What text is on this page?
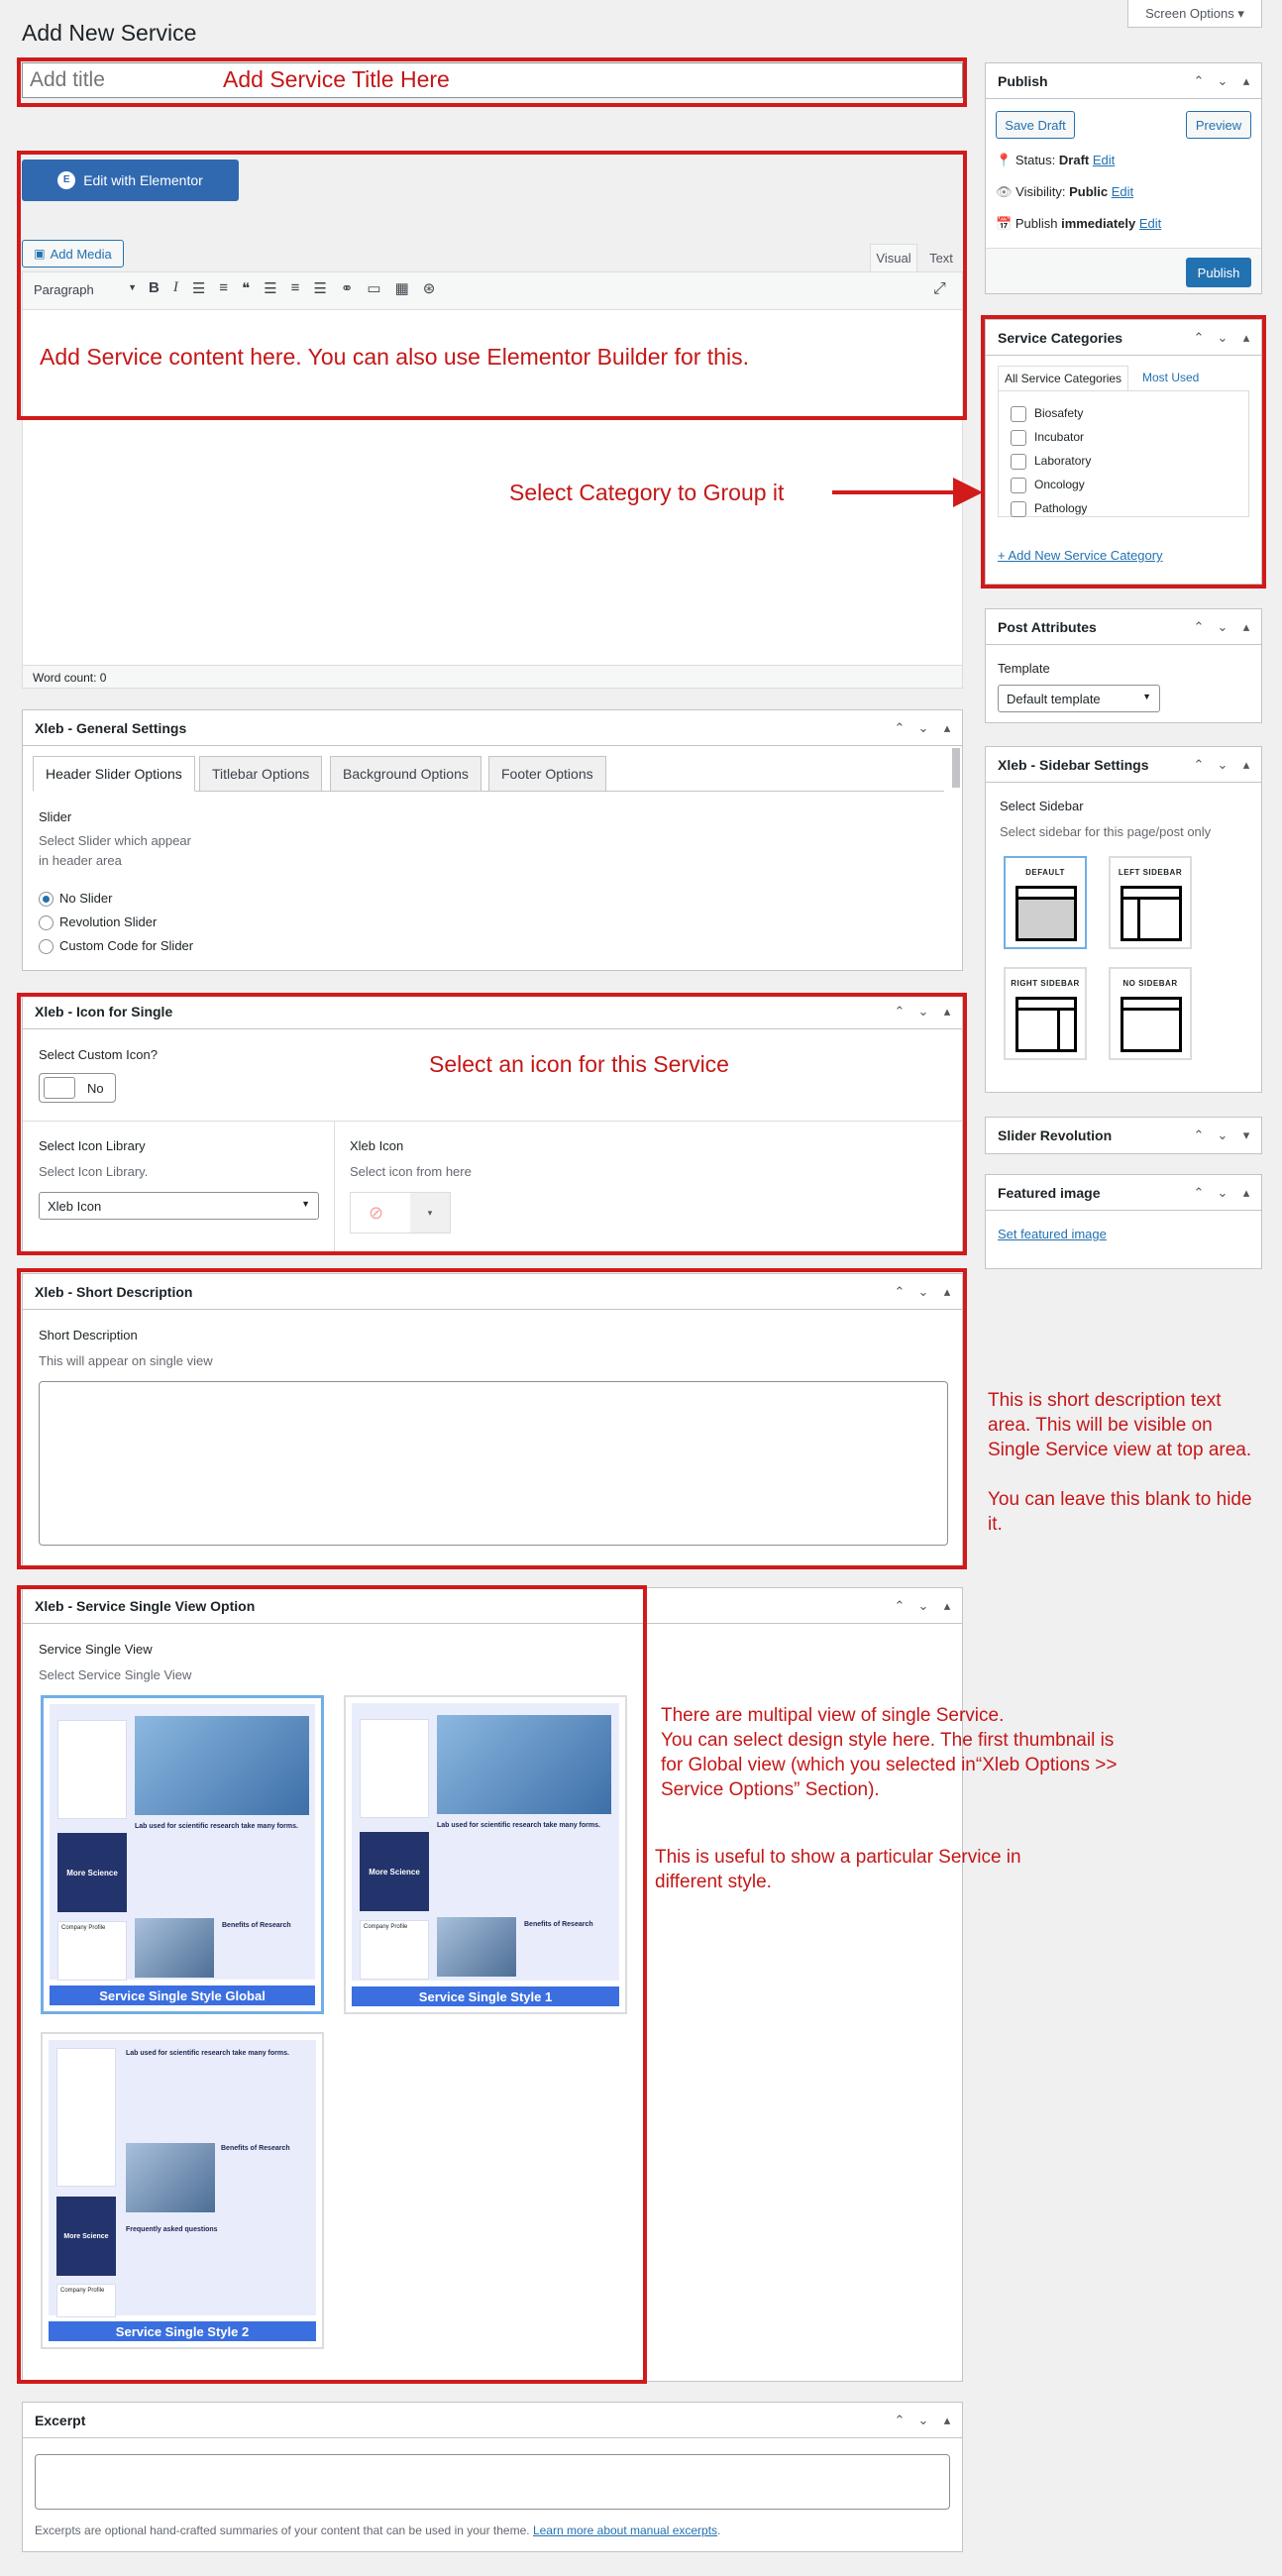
Add New Service
Screen Options ▾
Add title
Add Service Title Here
E Edit with Elementor
▣ Add Media	Visual	Text
Paragraph	▼ B I ☰ ≡ ❝ ☰ ≡ ☰ ⚭ ▭ ▦ ⊛	⤢
Add Service content here. You can also use Elementor Builder for this.
Word count: 0
Select Category to Group it
Xleb - General Settings	⌃ ⌄ ▴
Header Slider Options	Titlebar Options	Background Options	Footer Options
Slider
Select Slider which appear in header area
No Slider
Revolution Slider
Custom Code for Slider
Xleb - Icon for Single	⌃ ⌄ ▴
Select Custom Icon?
No
Select Icon Library
Select Icon Library.
Xleb Icon	▼
Xleb Icon
Select icon from here
⊘	▾
Select an icon for this Service
Xleb - Short Description	⌃ ⌄ ▴
Short Description
This will appear on single view
This is short description text area. This will be visible on Single Service view at top area.

You can leave this blank to hide it.
Xleb - Service Single View Option	⌃ ⌄ ▴
Service Single View
Select Service Single View
Lab used for scientific research take many forms.
More Science
Company Profile	Benefits of Research
Service Single Style Global
Lab used for scientific research take many forms.
More Science
Company Profile	Benefits of Research
Service Single Style 1
Lab used for scientific research take many forms.
Benefits of Research
More Science
Frequently asked questions
Company Profile
Service Single Style 2
There are multipal view of single Service.
You can select design style here. The first thumbnail is for Global view (which you selected in“Xleb Options >> Service Options” Section).
This is useful to show a particular Service in different style.
Excerpt	⌃ ⌄ ▴
Excerpts are optional hand-crafted summaries of your content that can be used in your theme. Learn more about manual excerpts.
Publish	⌃ ⌄ ▴
Save Draft	Preview
📍 Status: Draft Edit
👁 Visibility: Public Edit
📅 Publish immediately Edit
Publish
Service Categories	⌃ ⌄ ▴
All Service Categories	Most Used
Biosafety
Incubator
Laboratory
Oncology
Pathology
+ Add New Service Category
Post Attributes	⌃ ⌄ ▴
Template
Default template	▼
Xleb - Sidebar Settings	⌃ ⌄ ▴
Select Sidebar
Select sidebar for this page/post only
DEFAULT	LEFT SIDEBAR
RIGHT SIDEBAR	NO SIDEBAR
Slider Revolution	⌃ ⌄ ▾
Featured image	⌃ ⌄ ▴
Set featured image
